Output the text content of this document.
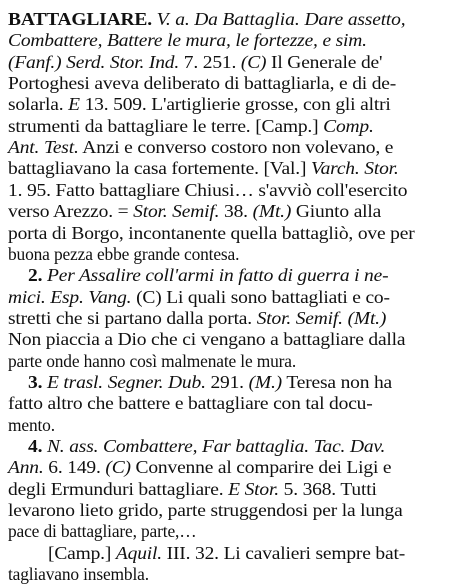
BATTAGLIARE. V. a. Da Battaglia. Dare assetto,
Combattere, Battere le mura, le fortezze, e sim.
(Fanf.) Serd. Stor. Ind. 7. 251. (C) Il Generale de'
Portoghesi aveva deliberato di battagliarla, e di de-
solarla. E 13. 509. L'artiglierie grosse, con gli altri
strumenti da battagliare le terre. [Camp.] Comp.
Ant. Test. Anzi e converso costoro non volevano, e
battagliavano la casa fortemente. [Val.] Varch. Stor.
1. 95. Fatto battagliare Chiusi… s'avviò coll'esercito
verso Arezzo. = Stor. Semif. 38. (Mt.) Giunto alla
porta di Borgo, incontanente quella battagliò, ove per
buona pezza ebbe grande contesa.
2. Per Assalire coll'armi in fatto di guerra i ne-
mici. Esp. Vang. (C) Li quali sono battagliati e co-
stretti che si partano dalla porta. Stor. Semif. (Mt.)
Non piaccia a Dio che ci vengano a battagliare dalla
parte onde hanno così malmenate le mura.
3. E trasl. Segner. Dub. 291. (M.) Teresa non ha
fatto altro che battere e battagliare con tal docu-
mento.
4. N. ass. Combattere, Far battaglia. Tac. Dav.
Ann. 6. 149. (C) Convenne al comparire dei Ligi e
degli Ermunduri battagliare. E Stor. 5. 368. Tutti
levarono lieto grido, parte struggendosi per la lunga
pace di battagliare, parte,…
[Camp.] Aquil. III. 32. Li cavalieri sempre bat-
tagliavano insembla.
